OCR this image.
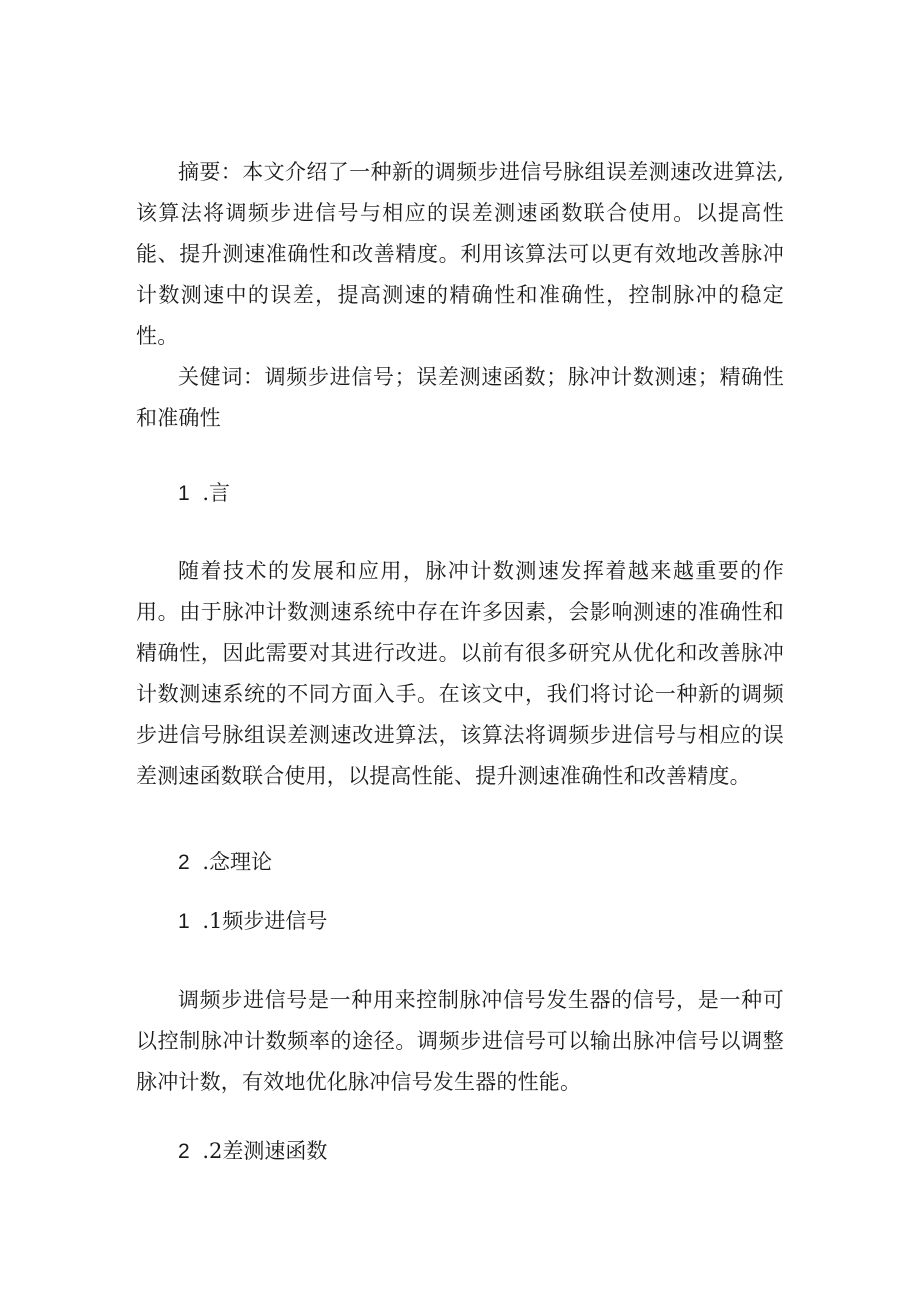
摘要：本文介绍了一种新的调频步进信号脉组误差测速改进算法,该算法将调频步进信号与相应的误差测速函数联合使用。以提高性能、提升测速准确性和改善精度。利用该算法可以更有效地改善脉冲计数测速中的误差，提高测速的精确性和准确性，控制脉冲的稳定性。

关健词：调频步进信号；误差测速函数；脉冲计数测速；精确性和准确性

1 .言

随着技术的发展和应用，脉冲计数测速发挥着越来越重要的作用。由于脉冲计数测速系统中存在许多因素，会影响测速的准确性和精确性，因此需要对其进行改进。以前有很多研究从优化和改善脉冲计数测速系统的不同方面入手。在该文中，我们将讨论一种新的调频步进信号脉组误差测速改进算法，该算法将调频步进信号与相应的误差测速函数联合使用，以提高性能、提升测速准确性和改善精度。

2 .念理论
1 .1频步进信号

调频步进信号是一种用来控制脉冲信号发生器的信号，是一种可以控制脉冲计数频率的途径。调频步进信号可以输出脉冲信号以调整脉冲计数，有效地优化脉冲信号发生器的性能。

2 .2差测速函数
